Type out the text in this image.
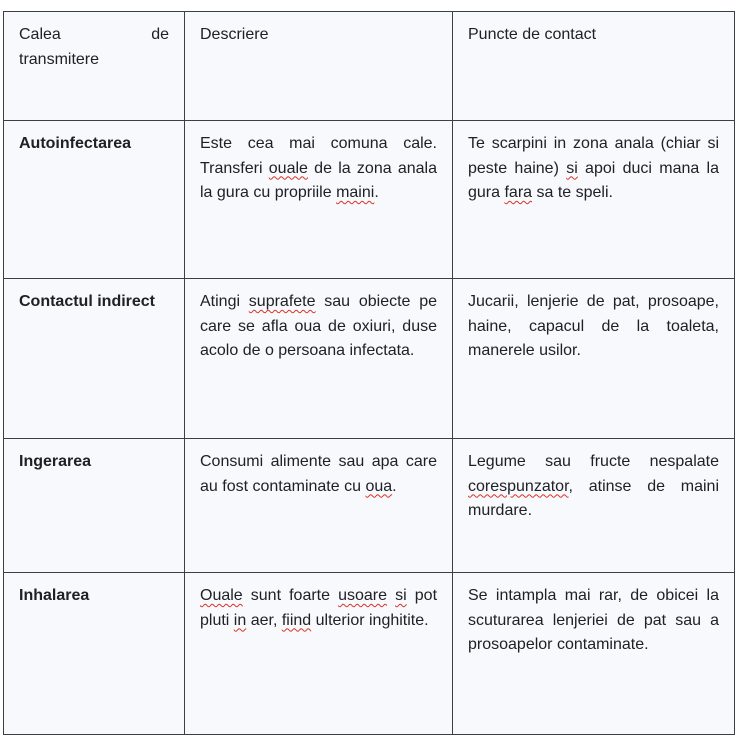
Calea de
transmitere	Descriere	Puncte de contact
Autoinfectarea	Este cea mai comuna cale. Transferi ouale de la zona anala la gura cu propriile maini.	Te scarpini in zona anala (chiar si peste haine) si apoi duci mana la gura fara sa te speli.
Contactul indirect	Atingi suprafete sau obiecte pe care se afla oua de oxiuri, duse acolo de o persoana infectata.	Jucarii, lenjerie de pat, prosoape, haine, capacul de la toaleta, manerele usilor.
Ingerarea	Consumi alimente sau apa care au fost contaminate cu oua.	Legume sau fructe nespalate corespunzator, atinse de maini murdare.
Inhalarea	Ouale sunt foarte usoare si pot pluti in aer, fiind ulterior inghitite.	Se intampla mai rar, de obicei la scuturarea lenjeriei de pat sau a prosoapelor contaminate.
